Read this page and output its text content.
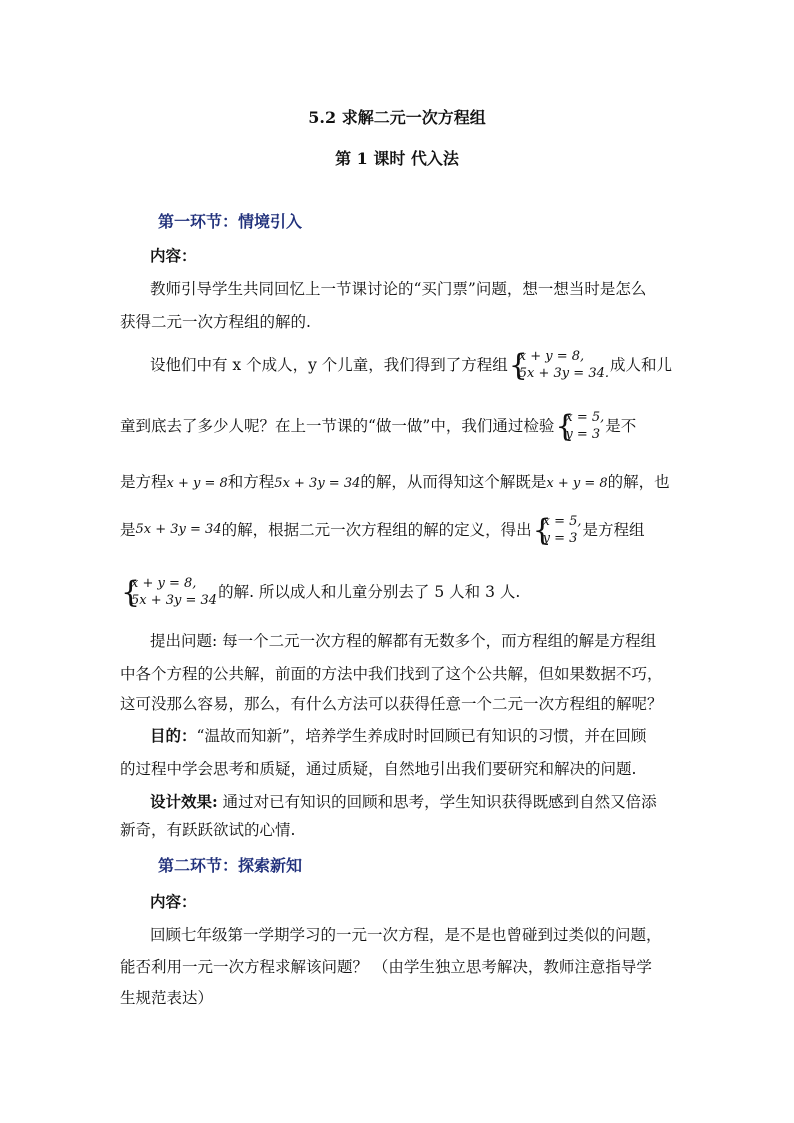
5.2 求解二元一次方程组
第 1 课时 代入法
第一环节：情境引入
内容：
教师引导学生共同回忆上一节课讨论的“买门票”问题，想一想当时是怎么
获得二元一次方程组的解的.
设他们中有 x 个成人，y 个儿童，我们得到了方程组 {
x + y = 8,
5x + 3y = 34. 成人和儿
童到底去了多少人呢？在上一节课的“做一做”中，我们通过检验 {
x = 5,
y = 3 是不
是方程x + y = 8和方程5x + 3y = 34的解，从而得知这个解既是x + y = 8的解，也
是 5x + 3y = 34 的解，根据二元一次方程组的解的定义，得出 {
x = 5,
y = 3 是方程组
{
x + y = 8,
5x + 3y = 34 的解. 所以成人和儿童分别去了 5 人和 3 人.
提出问题: 每一个二元一次方程的解都有无数多个，而方程组的解是方程组
中各个方程的公共解，前面的方法中我们找到了这个公共解，但如果数据不巧，
这可没那么容易，那么，有什么方法可以获得任意一个二元一次方程组的解呢？
目的：“温故而知新”，培养学生养成时时回顾已有知识的习惯，并在回顾
的过程中学会思考和质疑，通过质疑，自然地引出我们要研究和解决的问题.
设计效果: 通过对已有知识的回顾和思考，学生知识获得既感到自然又倍添
新奇，有跃跃欲试的心情.
第二环节：探索新知
内容：
回顾七年级第一学期学习的一元一次方程，是不是也曾碰到过类似的问题，
能否利用一元一次方程求解该问题？ （由学生独立思考解决，教师注意指导学
生规范表达）
